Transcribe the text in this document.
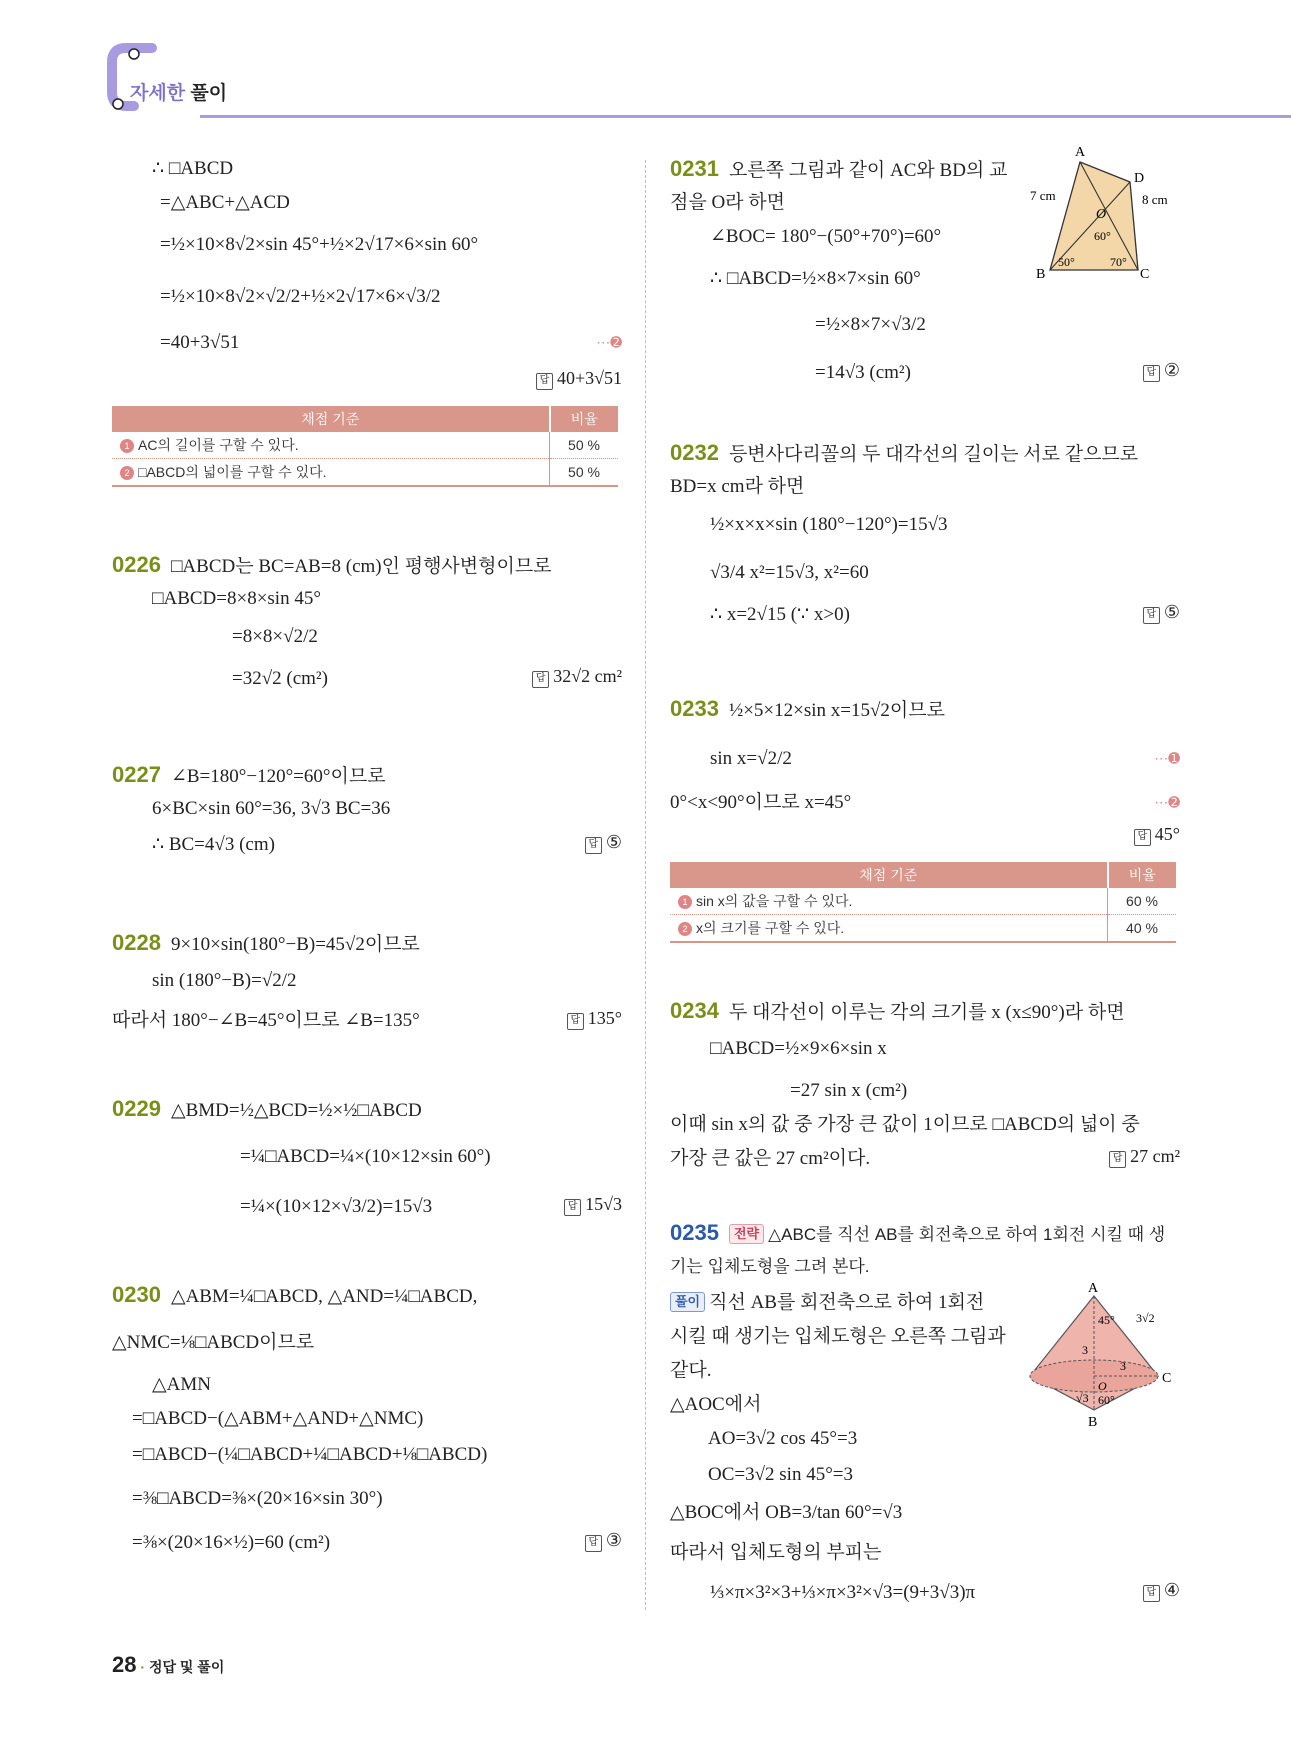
자세한 풀이
∴ □ABCD
=△ABC+△ACD
=½×10×8√2×sin 45°+½×2√17×6×sin 60°
=½×10×8√2×√2/2+½×2√17×6×√3/2
=40+3√51	⋯➋
답 40+3√51
채점 기준	비율
1 AC의 길이를 구할 수 있다.	50 %
2 □ABCD의 넓이를 구할 수 있다.	50 %
0226 □ABCD는 BC=AB=8 (cm)인 평행사변형이므로
□ABCD=8×8×sin 45°
=8×8×√2/2
=32√2 (cm²)	답 32√2 cm²
0227 ∠B=180°−120°=60°이므로
6×BC×sin 60°=36, 3√3 BC=36
∴ BC=4√3 (cm)	답 ⑤
0228 9×10×sin(180°−B)=45√2이므로
sin (180°−B)=√2/2
따라서 180°−∠B=45°이므로 ∠B=135°	답 135°
0229 △BMD=½△BCD=½×½□ABCD
=¼□ABCD=¼×(10×12×sin 60°)
=¼×(10×12×√3/2)=15√3	답 15√3
0230 △ABM=¼□ABCD, △AND=¼□ABCD,
△NMC=⅛□ABCD이므로
△AMN
=□ABCD−(△ABM+△AND+△NMC)
=□ABCD−(¼□ABCD+¼□ABCD+⅛□ABCD)
=⅜□ABCD=⅜×(20×16×sin 30°)
=⅜×(20×16×½)=60 (cm²)	답 ③
0231 오른쪽 그림과 같이 AC와 BD의 교
점을 O라 하면
∠BOC= 180°−(50°+70°)=60°
∴ □ABCD=½×8×7×sin 60°
=½×8×7×√3/2
=14√3 (cm²)	답 ②
A
D
B	C
O
7 cm	8 cm
60°
50°	70°
0232 등변사다리꼴의 두 대각선의 길이는 서로 같으므로
BD=x cm라 하면
½×x×x×sin (180°−120°)=15√3
√3/4 x²=15√3, x²=60
∴ x=2√15 (∵ x>0)	답 ⑤
0233 ½×5×12×sin x=15√2이므로
sin x=√2/2	⋯➊
0°<x<90°이므로 x=45°	⋯➋
답 45°
채점 기준	비율
1 sin x의 값을 구할 수 있다.	60 %
2 x의 크기를 구할 수 있다.	40 %
0234 두 대각선이 이루는 각의 크기를 x (x≤90°)라 하면
□ABCD=½×9×6×sin x
=27 sin x (cm²)
이때 sin x의 값 중 가장 큰 값이 1이므로 □ABCD의 넓이 중
가장 큰 값은 27 cm²이다.	답 27 cm²
0235 전략 △ABC를 직선 AB를 회전축으로 하여 1회전 시킬 때 생
기는 입체도형을 그려 본다.
풀이 직선 AB를 회전축으로 하여 1회전
시킬 때 생기는 입체도형은 오른쪽 그림과
같다.
△AOC에서
AO=3√2 cos 45°=3
OC=3√2 sin 45°=3
△BOC에서 OB=3/tan 60°=√3
따라서 입체도형의 부피는
⅓×π×3²×3+⅓×π×3²×√3=(9+3√3)π	답 ④
A
B
C
O
45°
60°
3√2
3
3
√3
28 · 정답 및 풀이
